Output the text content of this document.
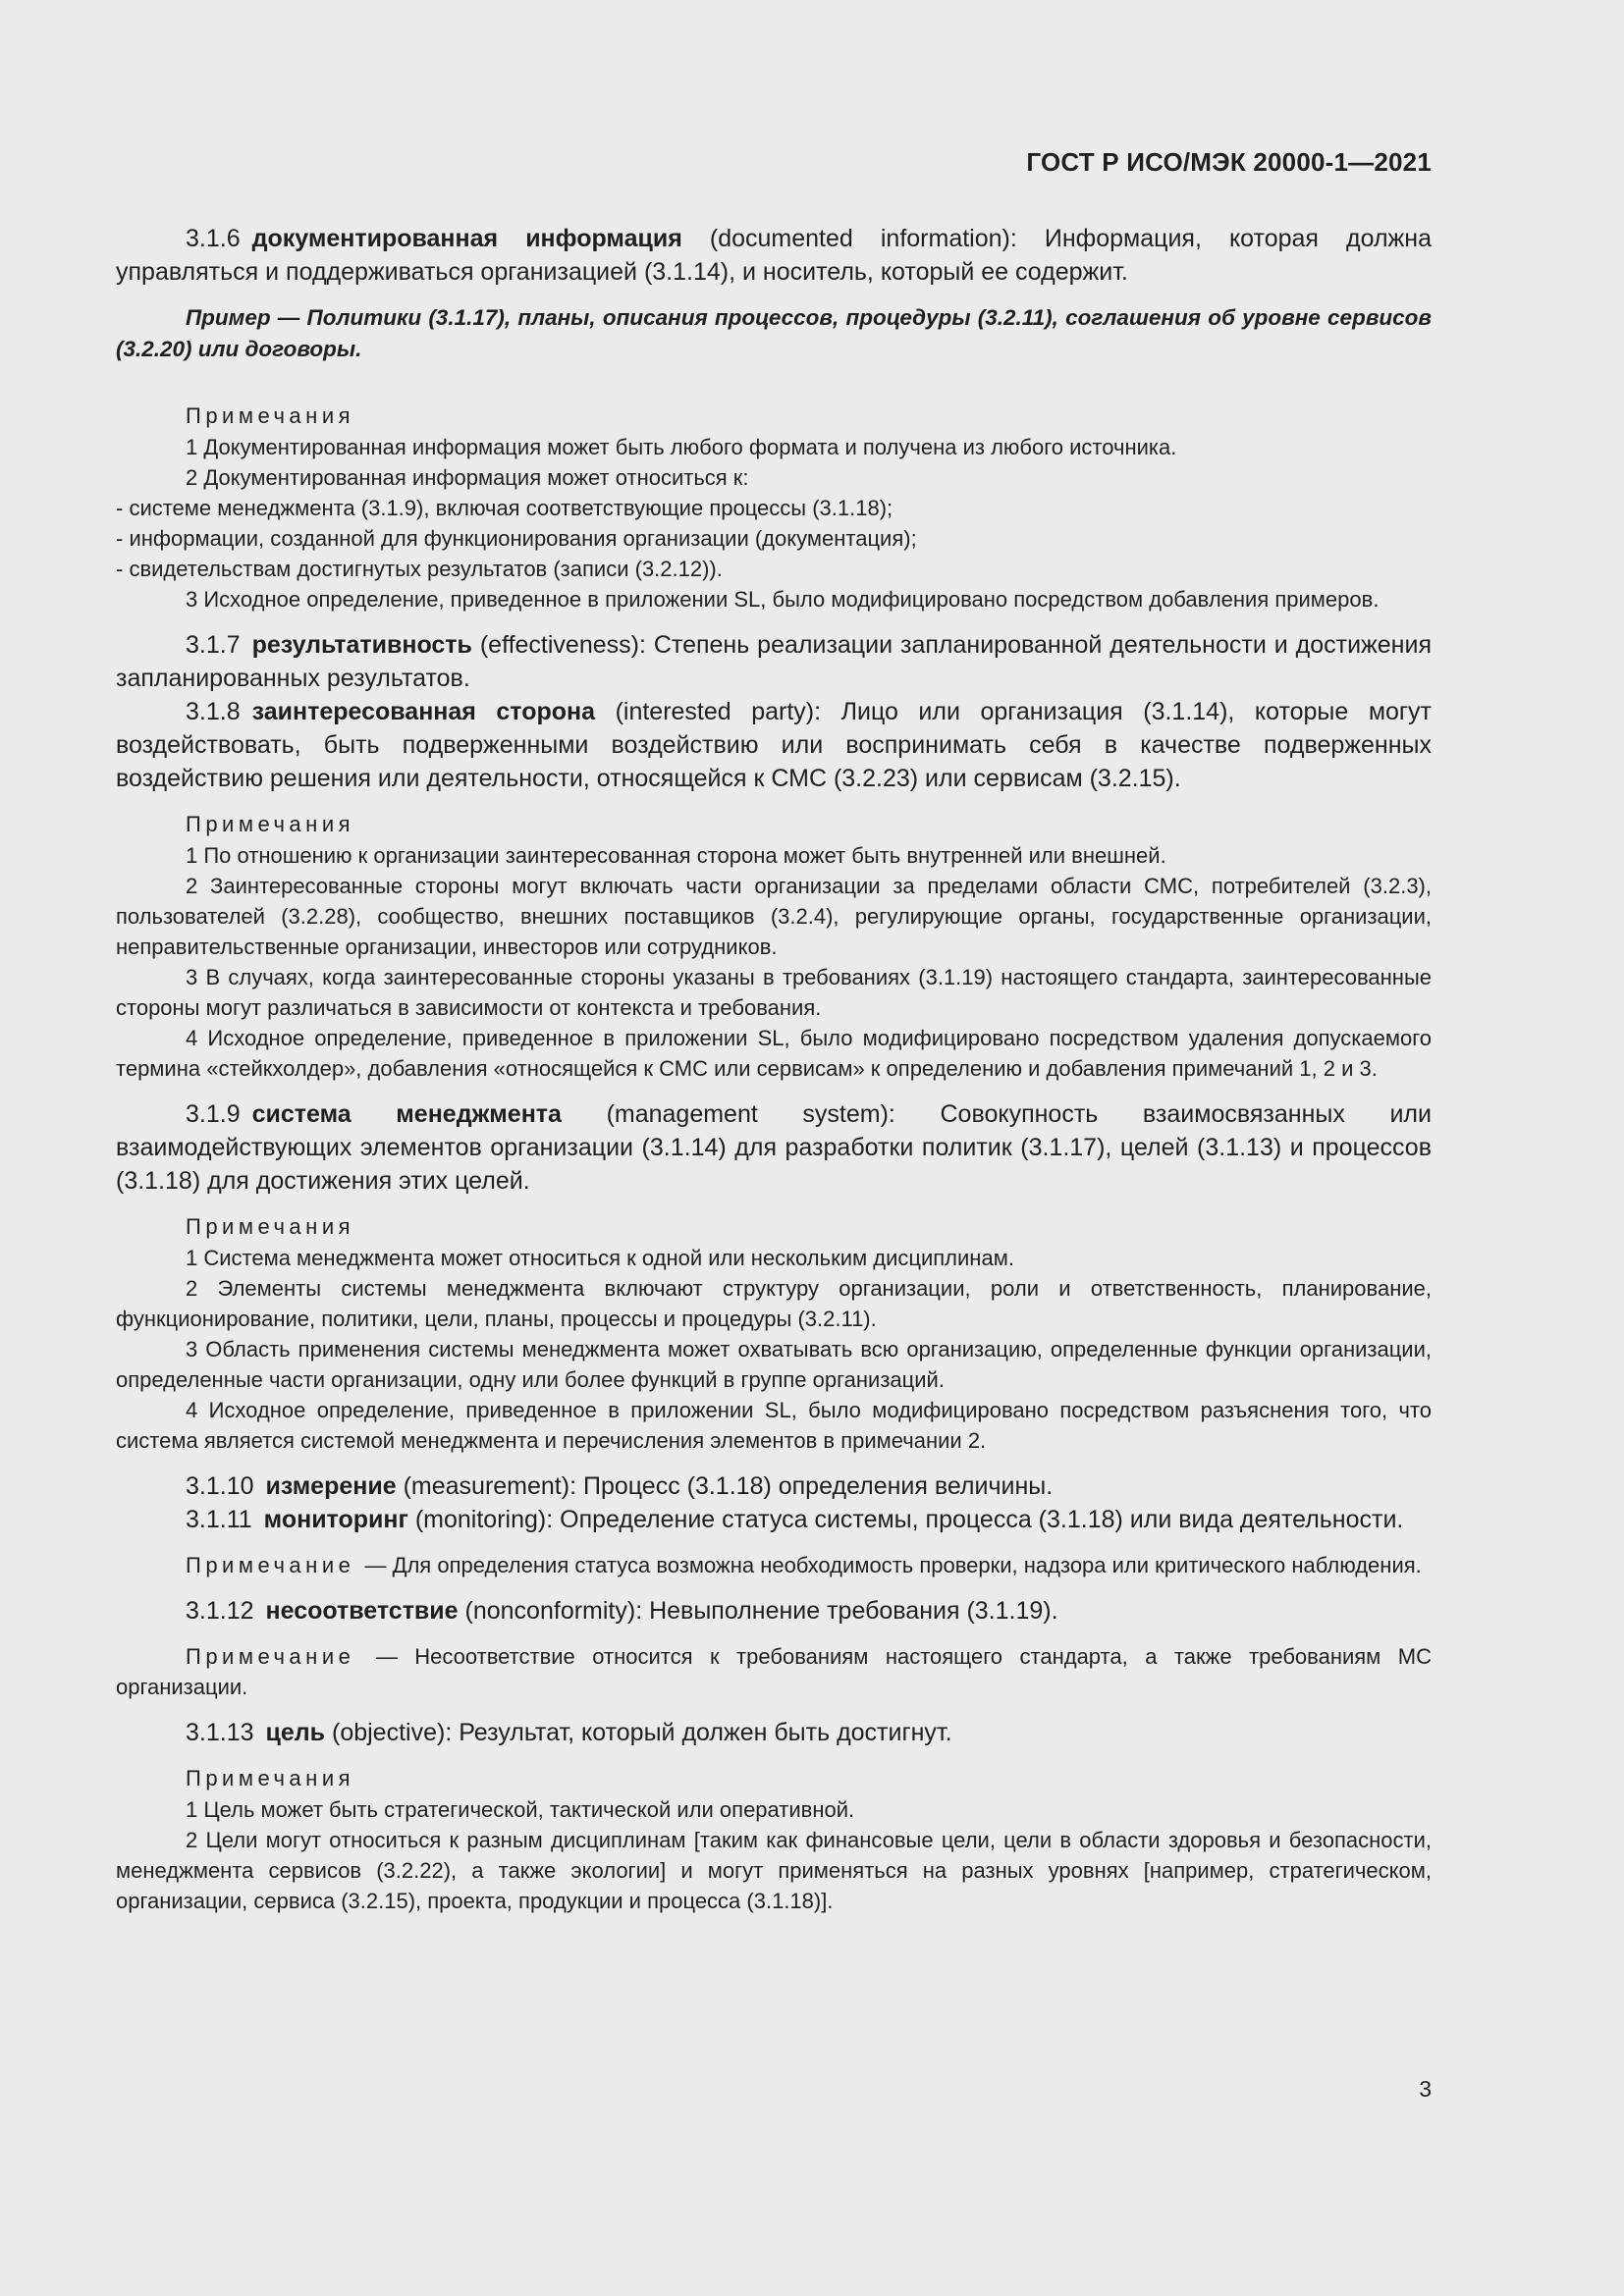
ГОСТ Р ИСО/МЭК 20000-1—2021

3.1.6 документированная информация (documented information): Информация, которая должна управляться и поддерживаться организацией (3.1.14), и носитель, который ее содержит.

Пример — Политики (3.1.17), планы, описания процессов, процедуры (3.2.11), соглашения об уровне сервисов (3.2.20) или договоры.

Примечания
1 Документированная информация может быть любого формата и получена из любого источника.
2 Документированная информация может относиться к:
- системе менеджмента (3.1.9), включая соответствующие процессы (3.1.18);
- информации, созданной для функционирования организации (документация);
- свидетельствам достигнутых результатов (записи (3.2.12)).
3 Исходное определение, приведенное в приложении SL, было модифицировано посредством добавления примеров.

3.1.7 результативность (effectiveness): Степень реализации запланированной деятельности и достижения запланированных результатов.

3.1.8 заинтересованная сторона (interested party): Лицо или организация (3.1.14), которые могут воздействовать, быть подверженными воздействию или воспринимать себя в качестве подверженных воздействию решения или деятельности, относящейся к СМС (3.2.23) или сервисам (3.2.15).

Примечания
1 По отношению к организации заинтересованная сторона может быть внутренней или внешней.
2 Заинтересованные стороны могут включать части организации за пределами области СМС, потребителей (3.2.3), пользователей (3.2.28), сообщество, внешних поставщиков (3.2.4), регулирующие органы, государственные организации, неправительственные организации, инвесторов или сотрудников.
3 В случаях, когда заинтересованные стороны указаны в требованиях (3.1.19) настоящего стандарта, заинтересованные стороны могут различаться в зависимости от контекста и требования.
4 Исходное определение, приведенное в приложении SL, было модифицировано посредством удаления допускаемого термина «стейкхолдер», добавления «относящейся к СМС или сервисам» к определению и добавления примечаний 1, 2 и 3.

3.1.9 система менеджмента (management system): Совокупность взаимосвязанных или взаимодействующих элементов организации (3.1.14) для разработки политик (3.1.17), целей (3.1.13) и процессов (3.1.18) для достижения этих целей.

Примечания
1 Система менеджмента может относиться к одной или нескольким дисциплинам.
2 Элементы системы менеджмента включают структуру организации, роли и ответственность, планирование, функционирование, политики, цели, планы, процессы и процедуры (3.2.11).
3 Область применения системы менеджмента может охватывать всю организацию, определенные функции организации, определенные части организации, одну или более функций в группе организаций.
4 Исходное определение, приведенное в приложении SL, было модифицировано посредством разъяснения того, что система является системой менеджмента и перечисления элементов в примечании 2.

3.1.10 измерение (measurement): Процесс (3.1.18) определения величины.

3.1.11 мониторинг (monitoring): Определение статуса системы, процесса (3.1.18) или вида деятельности.

Примечание — Для определения статуса возможна необходимость проверки, надзора или критического наблюдения.

3.1.12 несоответствие (nonconformity): Невыполнение требования (3.1.19).

Примечание — Несоответствие относится к требованиям настоящего стандарта, а также требованиям МС организации.

3.1.13 цель (objective): Результат, который должен быть достигнут.

Примечания
1 Цель может быть стратегической, тактической или оперативной.
2 Цели могут относиться к разным дисциплинам [таким как финансовые цели, цели в области здоровья и безопасности, менеджмента сервисов (3.2.22), а также экологии] и могут применяться на разных уровнях [например, стратегическом, организации, сервиса (3.2.15), проекта, продукции и процесса (3.1.18)].
3
